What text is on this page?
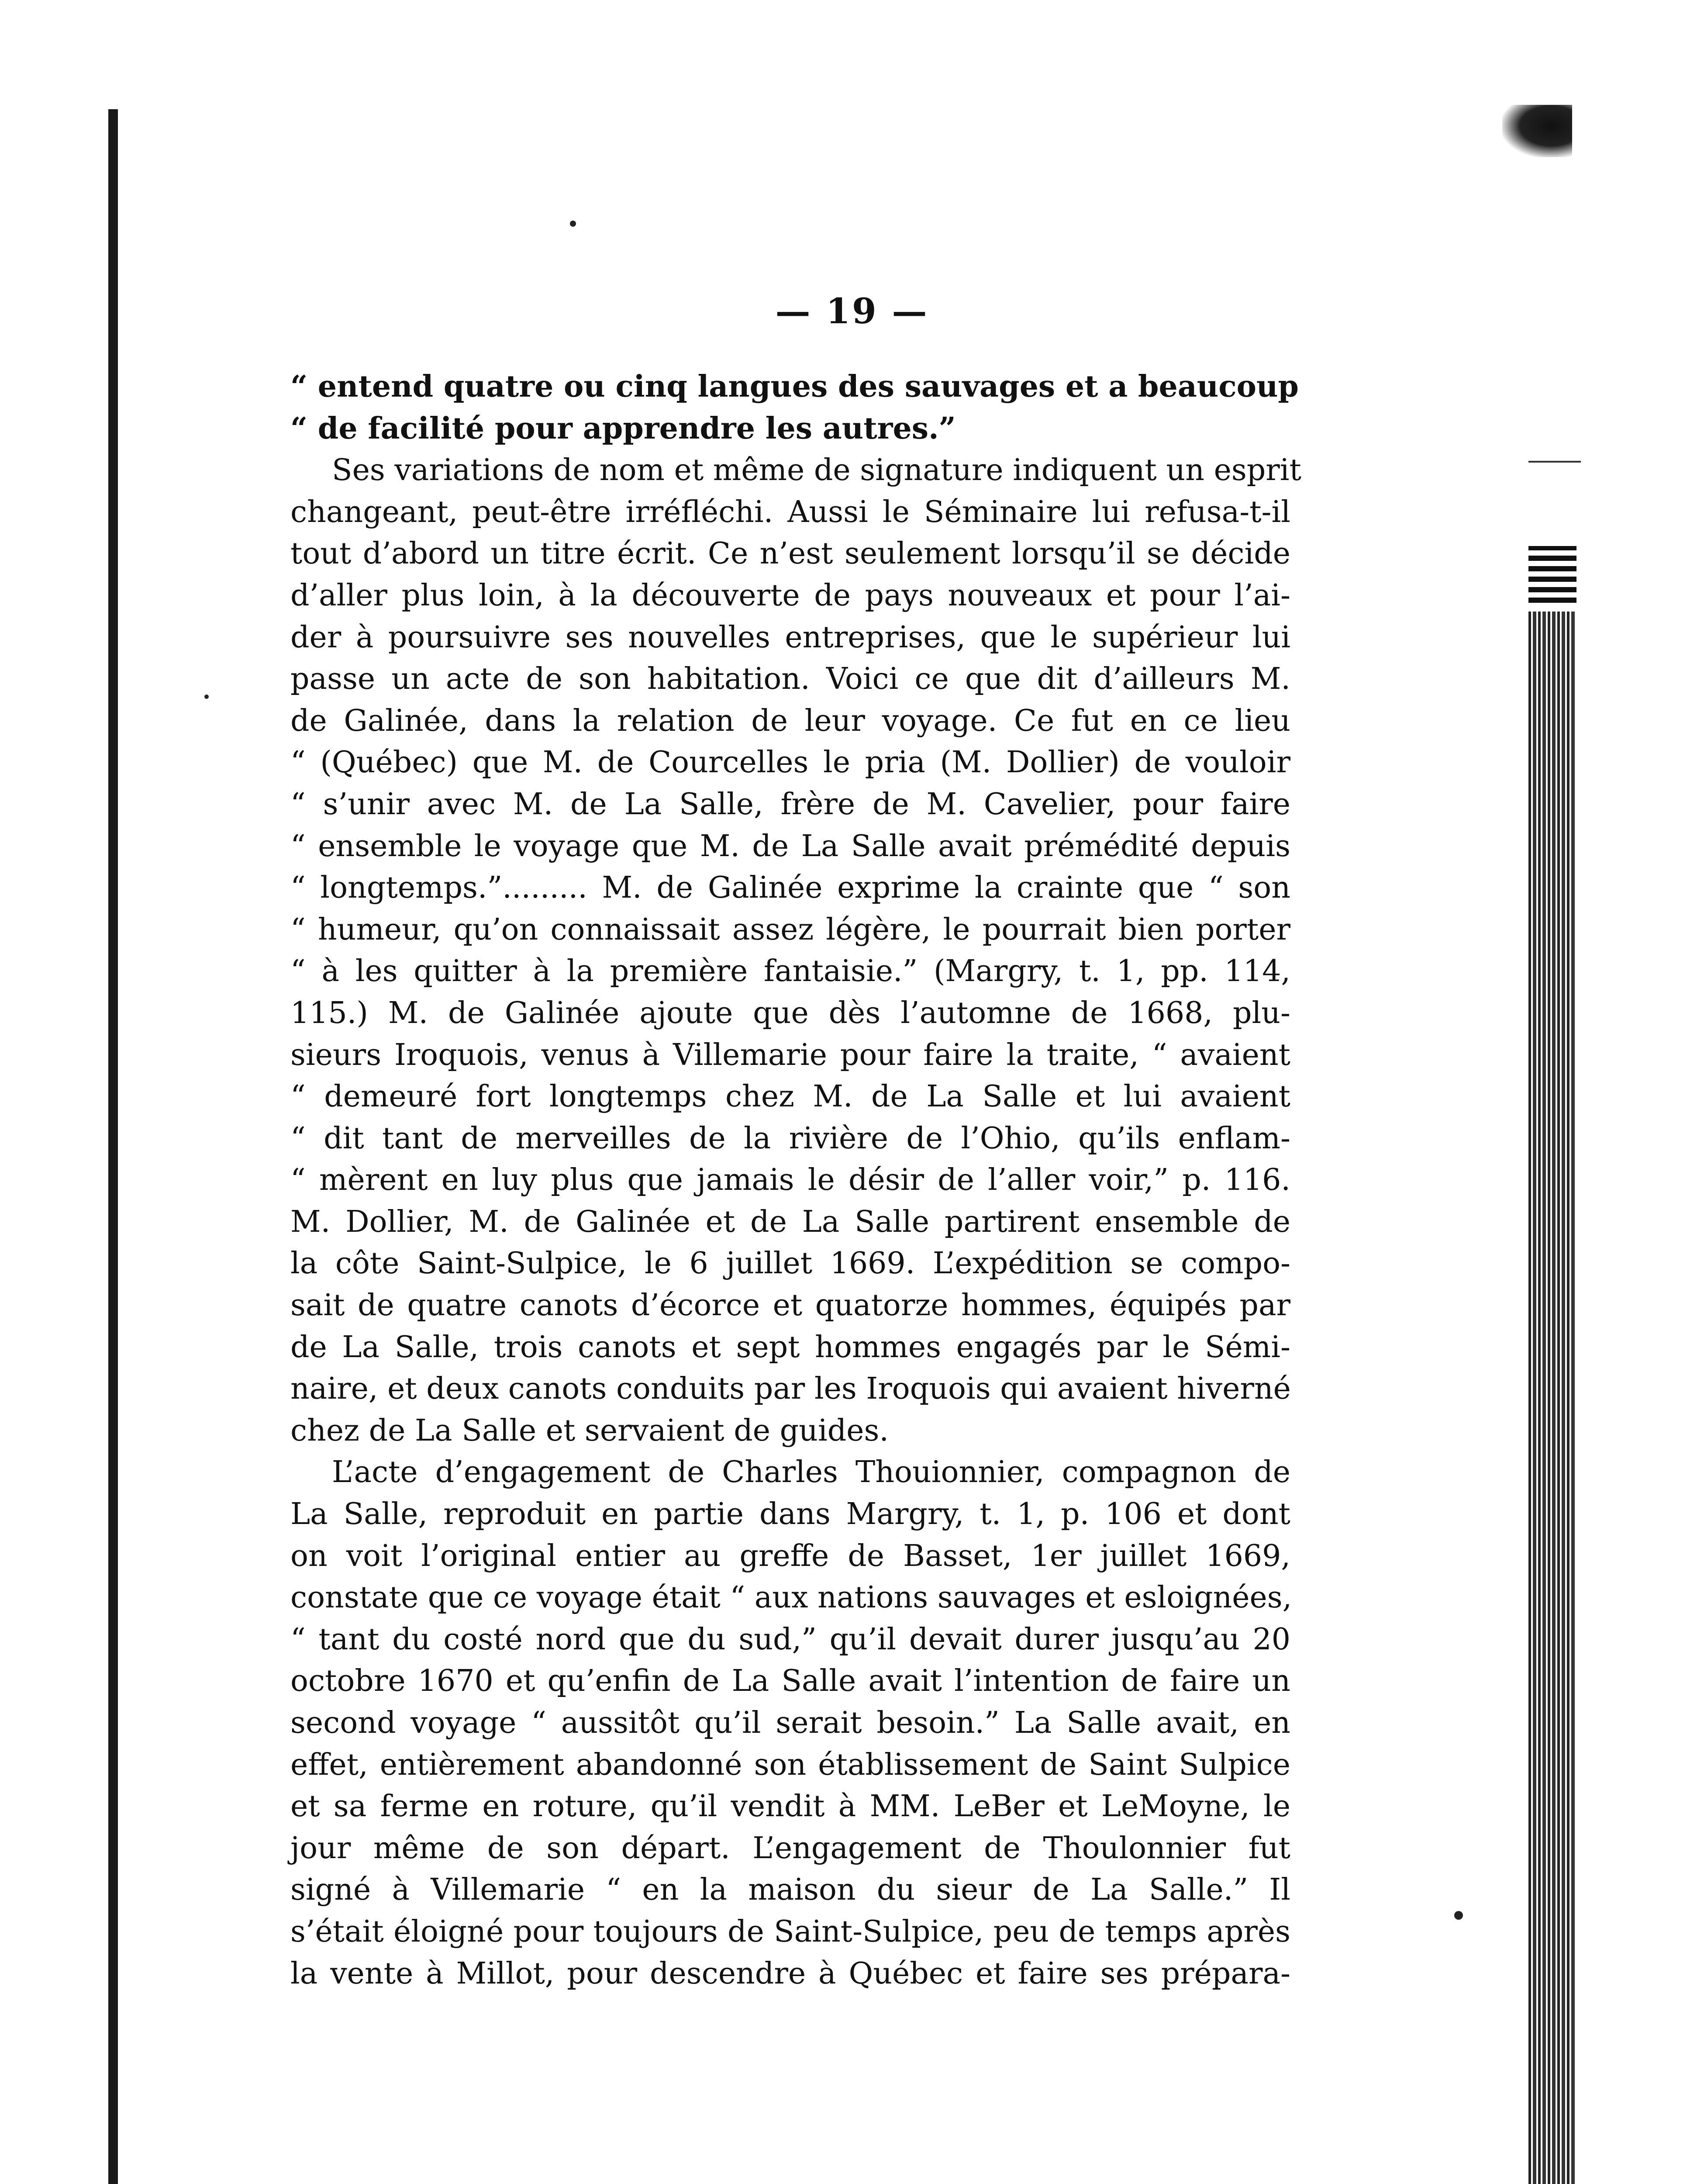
— 19 —
“ entend quatre ou cinq langues des sauvages et a beaucoup
“ de facilité pour apprendre les autres.”
Ses variations de nom et même de signature indiquent un esprit
changeant, peut-être irréfléchi. Aussi le Séminaire lui refusa-t-il
tout d’abord un titre écrit. Ce n’est seulement lorsqu’il se décide
d’aller plus loin, à la découverte de pays nouveaux et pour l’ai-
der à poursuivre ses nouvelles entreprises, que le supérieur lui
passe un acte de son habitation. Voici ce que dit d’ailleurs M.
de Galinée, dans la relation de leur voyage. Ce fut en ce lieu
“ (Québec) que M. de Courcelles le pria (M. Dollier) de vouloir
“ s’unir avec M. de La Salle, frère de M. Cavelier, pour faire
“ ensemble le voyage que M. de La Salle avait prémédité depuis
“ longtemps.”......... M. de Galinée exprime la crainte que “ son
“ humeur, qu’on connaissait assez légère, le pourrait bien porter
“ à les quitter à la première fantaisie.” (Margry, t. 1, pp. 114,
115.) M. de Galinée ajoute que dès l’automne de 1668, plu-
sieurs Iroquois, venus à Villemarie pour faire la traite, “ avaient
“ demeuré fort longtemps chez M. de La Salle et lui avaient
“ dit tant de merveilles de la rivière de l’Ohio, qu’ils enflam-
“ mèrent en luy plus que jamais le désir de l’aller voir,” p. 116.
M. Dollier, M. de Galinée et de La Salle partirent ensemble de
la côte Saint-Sulpice, le 6 juillet 1669. L’expédition se compo-
sait de quatre canots d’écorce et quatorze hommes, équipés par
de La Salle, trois canots et sept hommes engagés par le Sémi-
naire, et deux canots conduits par les Iroquois qui avaient hiverné
chez de La Salle et servaient de guides.
L’acte d’engagement de Charles Thouionnier, compagnon de
La Salle, reproduit en partie dans Margry, t. 1, p. 106 et dont
on voit l’original entier au greffe de Basset, 1er juillet 1669,
constate que ce voyage était “ aux nations sauvages et esloignées,
“ tant du costé nord que du sud,” qu’il devait durer jusqu’au 20
octobre 1670 et qu’enfin de La Salle avait l’intention de faire un
second voyage “ aussitôt qu’il serait besoin.” La Salle avait, en
effet, entièrement abandonné son établissement de Saint Sulpice
et sa ferme en roture, qu’il vendit à MM. LeBer et LeMoyne, le
jour même de son départ. L’engagement de Thoulonnier fut
signé à Villemarie “ en la maison du sieur de La Salle.” Il
s’était éloigné pour toujours de Saint-Sulpice, peu de temps après
la vente à Millot, pour descendre à Québec et faire ses prépara-
